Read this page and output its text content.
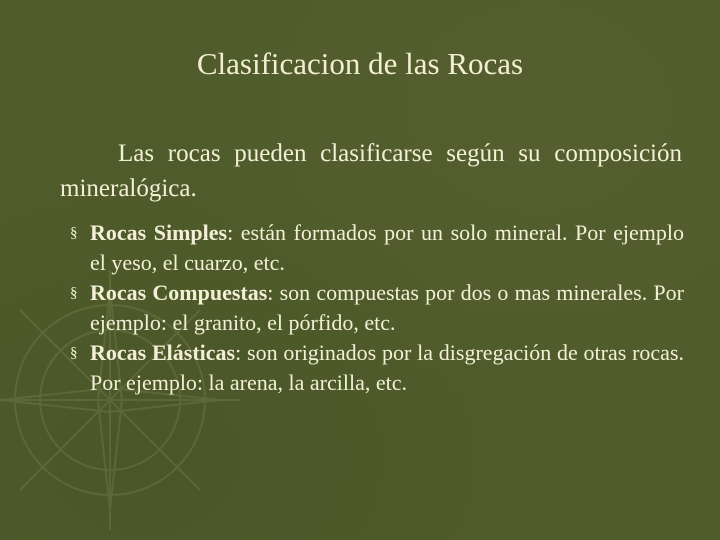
Clasificacion de las Rocas

Las rocas pueden clasificarse según su composición mineralógica.

§ Rocas Simples: están formados por un solo mineral. Por ejemplo el yeso, el cuarzo, etc.
§ Rocas Compuestas: son compuestas por dos o mas minerales. Por ejemplo: el granito, el pórfido, etc.
§ Rocas Elásticas: son originados por la disgregación de otras rocas. Por ejemplo: la arena, la arcilla, etc.
